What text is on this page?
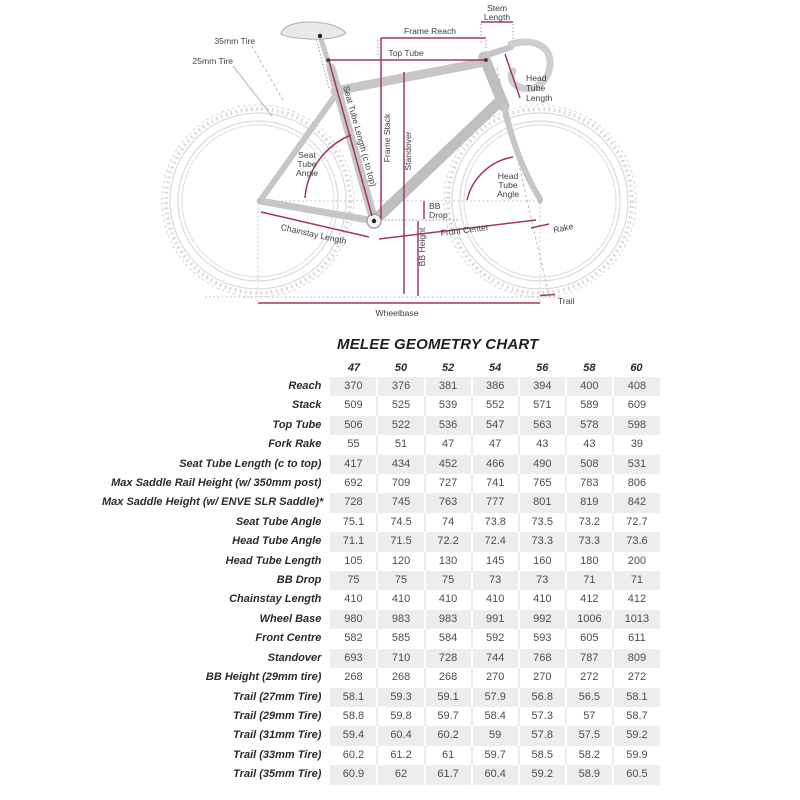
35mm Tire
25mm Tire
Stem
Length
Frame Reach
Top Tube
Head
Tube
Length
Seat Tube Length (c to top) Frame Stack Standover
BB Height
Seat
Tube
Angle	Head
Tube
Angle
BB
Drop
Chainstay Length	Front Center	Rake
Trail
Wheelbase
MELEE GEOMETRY CHART
	47	50	52	54	56	58	60
Reach	370	376	381	386	394	400	408
Stack	509	525	539	552	571	589	609
Top Tube	506	522	536	547	563	578	598
Fork Rake	55	51	47	47	43	43	39
Seat Tube Length (c to top)	417	434	452	466	490	508	531
Max Saddle Rail Height (w/ 350mm post)	692	709	727	741	765	783	806
Max Saddle Height (w/ ENVE SLR Saddle)*	728	745	763	777	801	819	842
Seat Tube Angle	75.1	74.5	74	73.8	73.5	73.2	72.7
Head Tube Angle	71.1	71.5	72.2	72.4	73.3	73.3	73.6
Head Tube Length	105	120	130	145	160	180	200
BB Drop	75	75	75	73	73	71	71
Chainstay Length	410	410	410	410	410	412	412
Wheel Base	980	983	983	991	992	1006	1013
Front Centre	582	585	584	592	593	605	611
Standover	693	710	728	744	768	787	809
BB Height (29mm tire)	268	268	268	270	270	272	272
Trail (27mm Tire)	58.1	59.3	59.1	57.9	56.8	56.5	58.1
Trail (29mm Tire)	58.8	59.8	59.7	58.4	57.3	57	58.7
Trail (31mm Tire)	59.4	60.4	60.2	59	57.8	57.5	59.2
Trail (33mm Tire)	60.2	61.2	61	59.7	58.5	58.2	59.9
Trail (35mm Tire)	60.9	62	61.7	60.4	59.2	58.9	60.5
